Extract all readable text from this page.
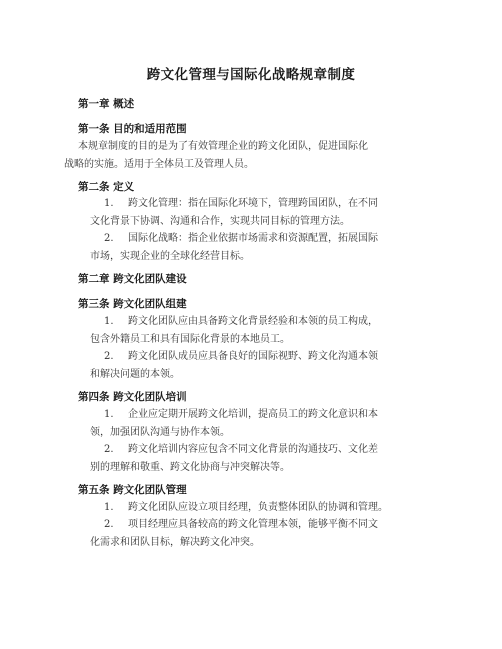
跨文化管理与国际化战略规章制度
第一章 概述
第一条 目的和适用范围
本规章制度的目的是为了有效管理企业的跨文化团队，促进国际化
战略的实施。适用于全体员工及管理人员。
第二条 定义
1. 跨文化管理：指在国际化环境下，管理跨国团队，在不同
文化背景下协调、沟通和合作，实现共同目标的管理方法。
2. 国际化战略：指企业依据市场需求和资源配置，拓展国际
市场，实现企业的全球化经营目标。
第二章 跨文化团队建设
第三条 跨文化团队组建
1. 跨文化团队应由具备跨文化背景经验和本领的员工构成，
包含外籍员工和具有国际化背景的本地员工。
2. 跨文化团队成员应具备良好的国际视野、跨文化沟通本领
和解决问题的本领。
第四条 跨文化团队培训
1. 企业应定期开展跨文化培训，提高员工的跨文化意识和本
领，加强团队沟通与协作本领。
2. 跨文化培训内容应包含不同文化背景的沟通技巧、文化差
别的理解和敬重、跨文化协商与冲突解决等。
第五条 跨文化团队管理
1. 跨文化团队应设立项目经理，负责整体团队的协调和管理。
2. 项目经理应具备较高的跨文化管理本领，能够平衡不同文
化需求和团队目标，解决跨文化冲突。
